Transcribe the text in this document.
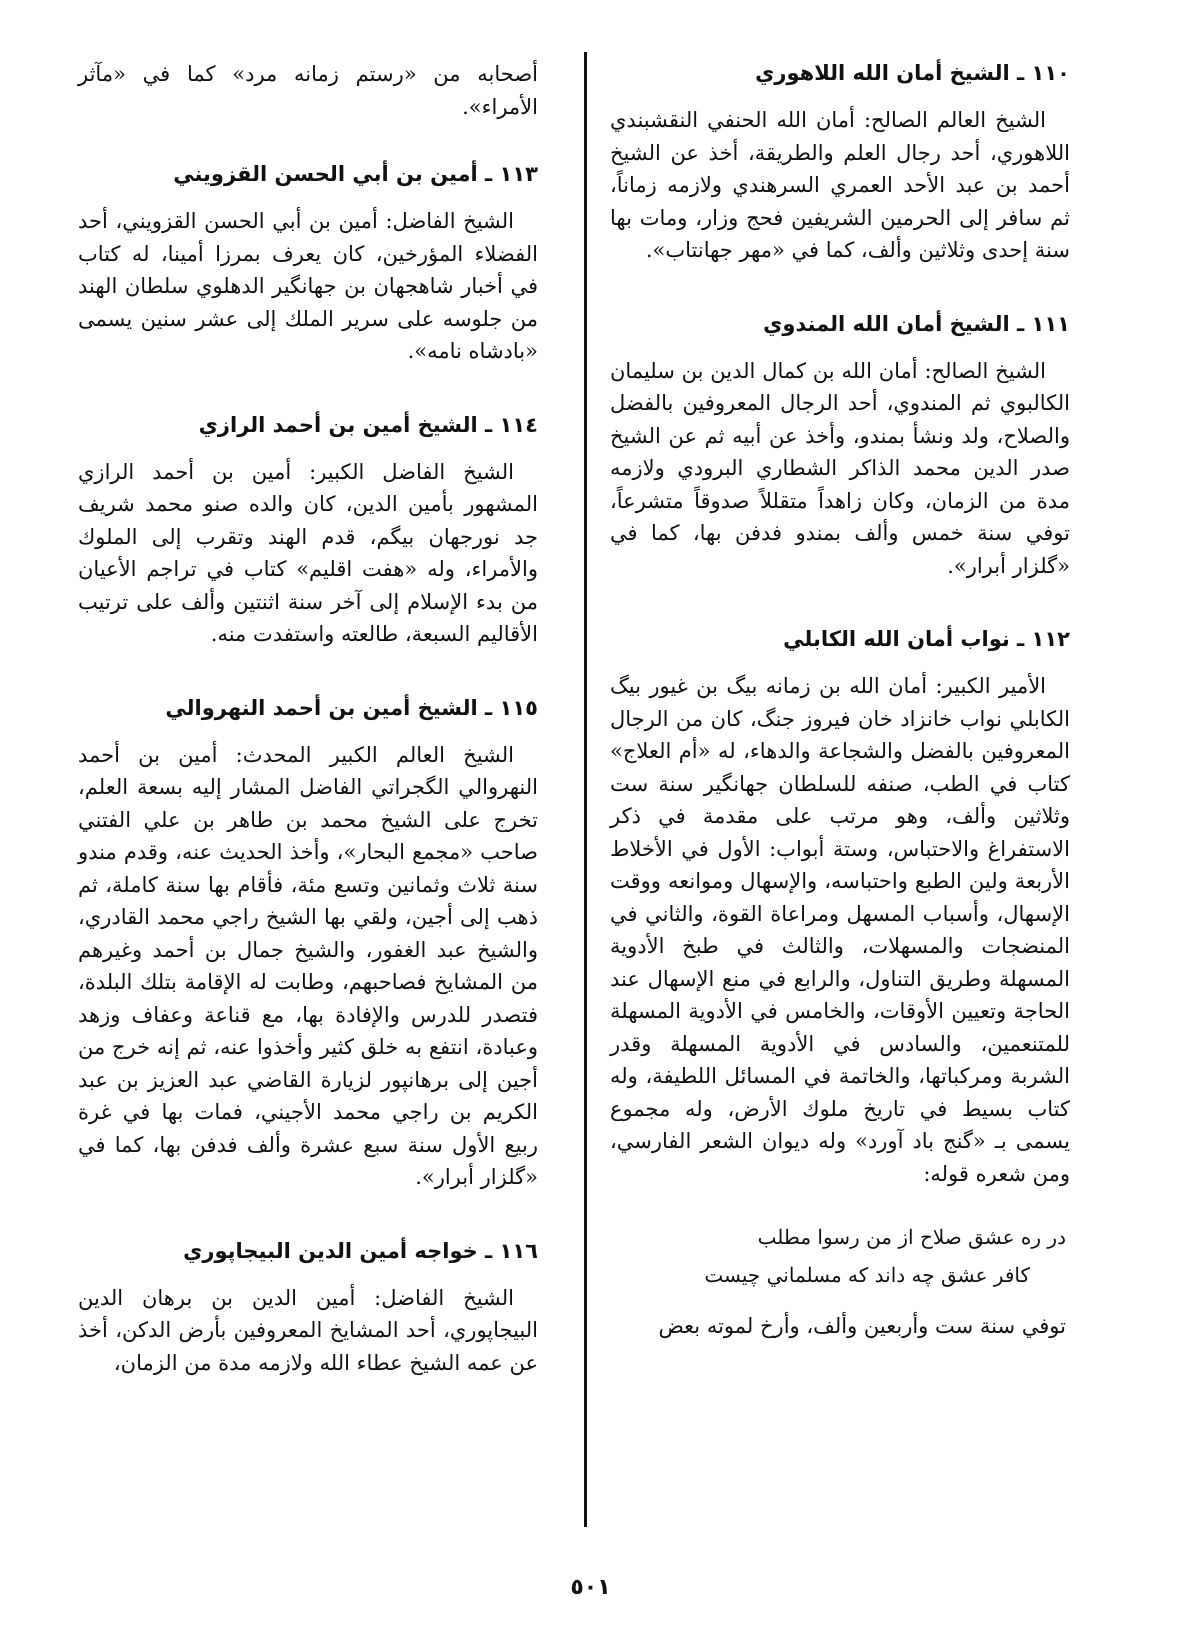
١١٠ ـ الشيخ أمان الله اللاهوري

الشيخ العالم الصالح: أمان الله الحنفي النقشبندي اللاهوري، أحد رجال العلم والطريقة، أخذ عن الشيخ أحمد بن عبد الأحد العمري السرهندي ولازمه زماناً، ثم سافر إلى الحرمين الشريفين فحج وزار، ومات بها سنة إحدى وثلاثين وألف، كما في «مهر جهانتاب».

١١١ ـ الشيخ أمان الله المندوي

الشيخ الصالح: أمان الله بن كمال الدين بن سليمان الكالبوي ثم المندوي، أحد الرجال المعروفين بالفضل والصلاح، ولد ونشأ بمندو، وأخذ عن أبيه ثم عن الشيخ صدر الدين محمد الذاكر الشطاري البرودي ولازمه مدة من الزمان، وكان زاهداً متقللاً صدوقاً متشرعاً، توفي سنة خمس وألف بمندو فدفن بها، كما في «گلزار أبرار».

١١٢ ـ نواب أمان الله الكابلي

الأمير الكبير: أمان الله بن زمانه بيگ بن غيور بيگ الكابلي نواب خانزاد خان فيروز جنگ، كان من الرجال المعروفين بالفضل والشجاعة والدهاء، له «أم العلاج» كتاب في الطب، صنفه للسلطان جهانگير سنة ست وثلاثين وألف، وهو مرتب على مقدمة في ذكر الاستفراغ والاحتباس، وستة أبواب: الأول في الأخلاط الأربعة ولين الطبع واحتباسه، والإسهال وموانعه ووقت الإسهال، وأسباب المسهل ومراعاة القوة، والثاني في المنضجات والمسهلات، والثالث في طبخ الأدوية المسهلة وطريق التناول، والرابع في منع الإسهال عند الحاجة وتعيين الأوقات، والخامس في الأدوية المسهلة للمتنعمين، والسادس في الأدوية المسهلة وقدر الشربة ومركباتها، والخاتمة في المسائل اللطيفة، وله كتاب بسيط في تاريخ ملوك الأرض، وله مجموع يسمى بـ «گنج باد آورد» وله ديوان الشعر الفارسي، ومن شعره قوله:

در ره عشق صلاح از من رسوا مطلب
كافر عشق چه داند كه مسلماني چيست

توفي سنة ست وأربعين وألف، وأرخ لموته بعض

أصحابه من «رستم زمانه مرد» كما في «مآثر الأمراء».

١١٣ ـ أمين بن أبي الحسن القزويني

الشيخ الفاضل: أمين بن أبي الحسن القزويني، أحد الفضلاء المؤرخين، كان يعرف بمرزا أمينا، له كتاب في أخبار شاهجهان بن جهانگير الدهلوي سلطان الهند من جلوسه على سرير الملك إلى عشر سنين يسمى «بادشاه نامه».

١١٤ ـ الشيخ أمين بن أحمد الرازي

الشيخ الفاضل الكبير: أمين بن أحمد الرازي المشهور بأمين الدين، كان والده صنو محمد شريف جد نورجهان بيگم، قدم الهند وتقرب إلى الملوك والأمراء، وله «هفت اقليم» كتاب في تراجم الأعيان من بدء الإسلام إلى آخر سنة اثنتين وألف على ترتيب الأقاليم السبعة، طالعته واستفدت منه.

١١٥ ـ الشيخ أمين بن أحمد النهروالي

الشيخ العالم الكبير المحدث: أمين بن أحمد النهروالي الگجراتي الفاضل المشار إليه بسعة العلم، تخرج على الشيخ محمد بن طاهر بن علي الفتني صاحب «مجمع البحار»، وأخذ الحديث عنه، وقدم مندو سنة ثلاث وثمانين وتسع مئة، فأقام بها سنة كاملة، ثم ذهب إلى أجين، ولقي بها الشيخ راجي محمد القادري، والشيخ عبد الغفور، والشيخ جمال بن أحمد وغيرهم من المشايخ فصاحبهم، وطابت له الإقامة بتلك البلدة، فتصدر للدرس والإفادة بها، مع قناعة وعفاف وزهد وعبادة، انتفع به خلق كثير وأخذوا عنه، ثم إنه خرج من أجين إلى برهانپور لزيارة القاضي عبد العزيز بن عبد الكريم بن راجي محمد الأجيني، فمات بها في غرة ربيع الأول سنة سبع عشرة وألف فدفن بها، كما في «گلزار أبرار».

١١٦ ـ خواجه أمين الدين البيجاپوري

الشيخ الفاضل: أمين الدين بن برهان الدين البيجاپوري، أحد المشايخ المعروفين بأرض الدكن، أخذ عن عمه الشيخ عطاء الله ولازمه مدة من الزمان،

٥٠١
